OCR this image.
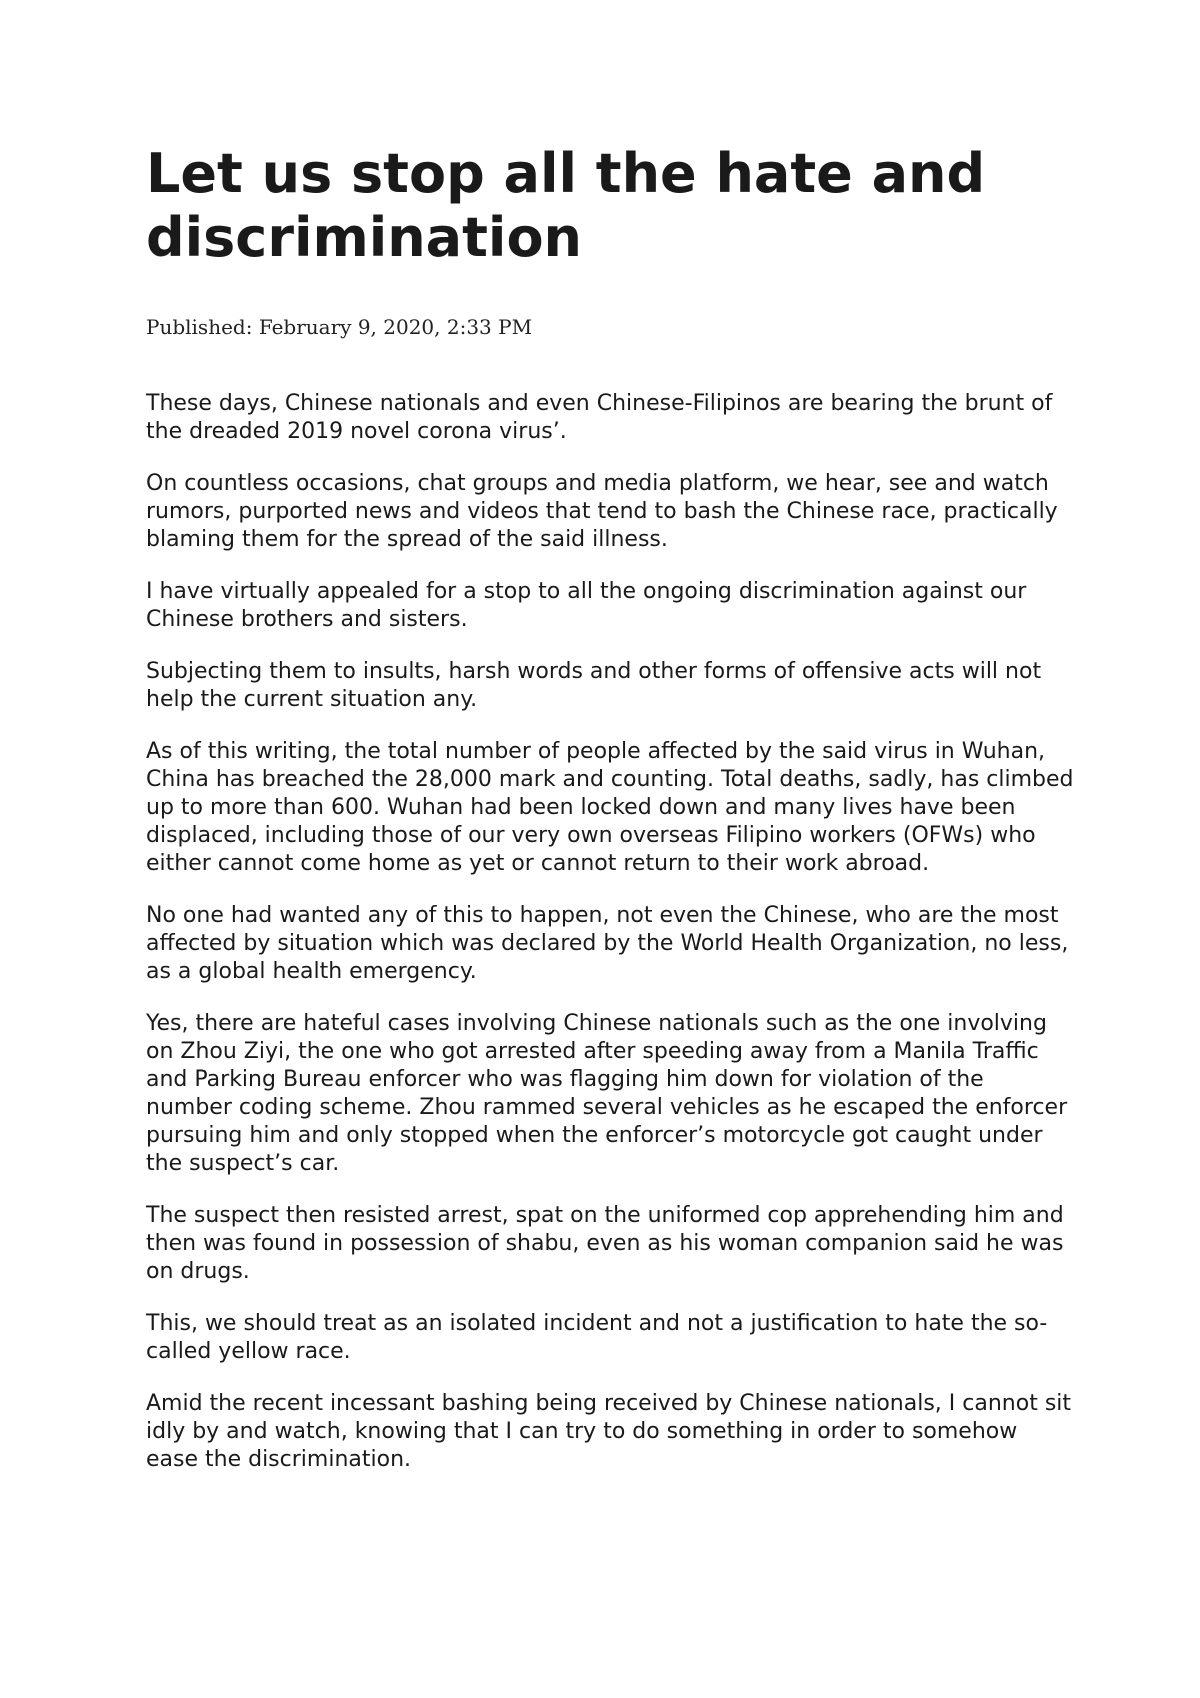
Let us stop all the hate and discrimination
Published: February 9, 2020, 2:33 PM

These days, Chinese nationals and even Chinese-Filipinos are bearing the brunt of the dreaded 2019 novel corona virus’.

On countless occasions, chat groups and media platform, we hear, see and watch rumors, purported news and videos that tend to bash the Chinese race, practically blaming them for the spread of the said illness.

I have virtually appealed for a stop to all the ongoing discrimination against our Chinese brothers and sisters.

Subjecting them to insults, harsh words and other forms of offensive acts will not help the current situation any.

As of this writing, the total number of people affected by the said virus in Wuhan, China has breached the 28,000 mark and counting. Total deaths, sadly, has climbed up to more than 600. Wuhan had been locked down and many lives have been displaced, including those of our very own overseas Filipino workers (OFWs) who either cannot come home as yet or cannot return to their work abroad.

No one had wanted any of this to happen, not even the Chinese, who are the most affected by situation which was declared by the World Health Organization, no less, as a global health emergency.

Yes, there are hateful cases involving Chinese nationals such as the one involving on Zhou Ziyi, the one who got arrested after speeding away from a Manila Traffic and Parking Bureau enforcer who was flagging him down for violation of the number coding scheme. Zhou rammed several vehicles as he escaped the enforcer pursuing him and only stopped when the enforcer’s motorcycle got caught under the suspect’s car.

The suspect then resisted arrest, spat on the uniformed cop apprehending him and then was found in possession of shabu, even as his woman companion said he was on drugs.

This, we should treat as an isolated incident and not a justification to hate the so-called yellow race.

Amid the recent incessant bashing being received by Chinese nationals, I cannot sit idly by and watch, knowing that I can try to do something in order to somehow ease the discrimination.
